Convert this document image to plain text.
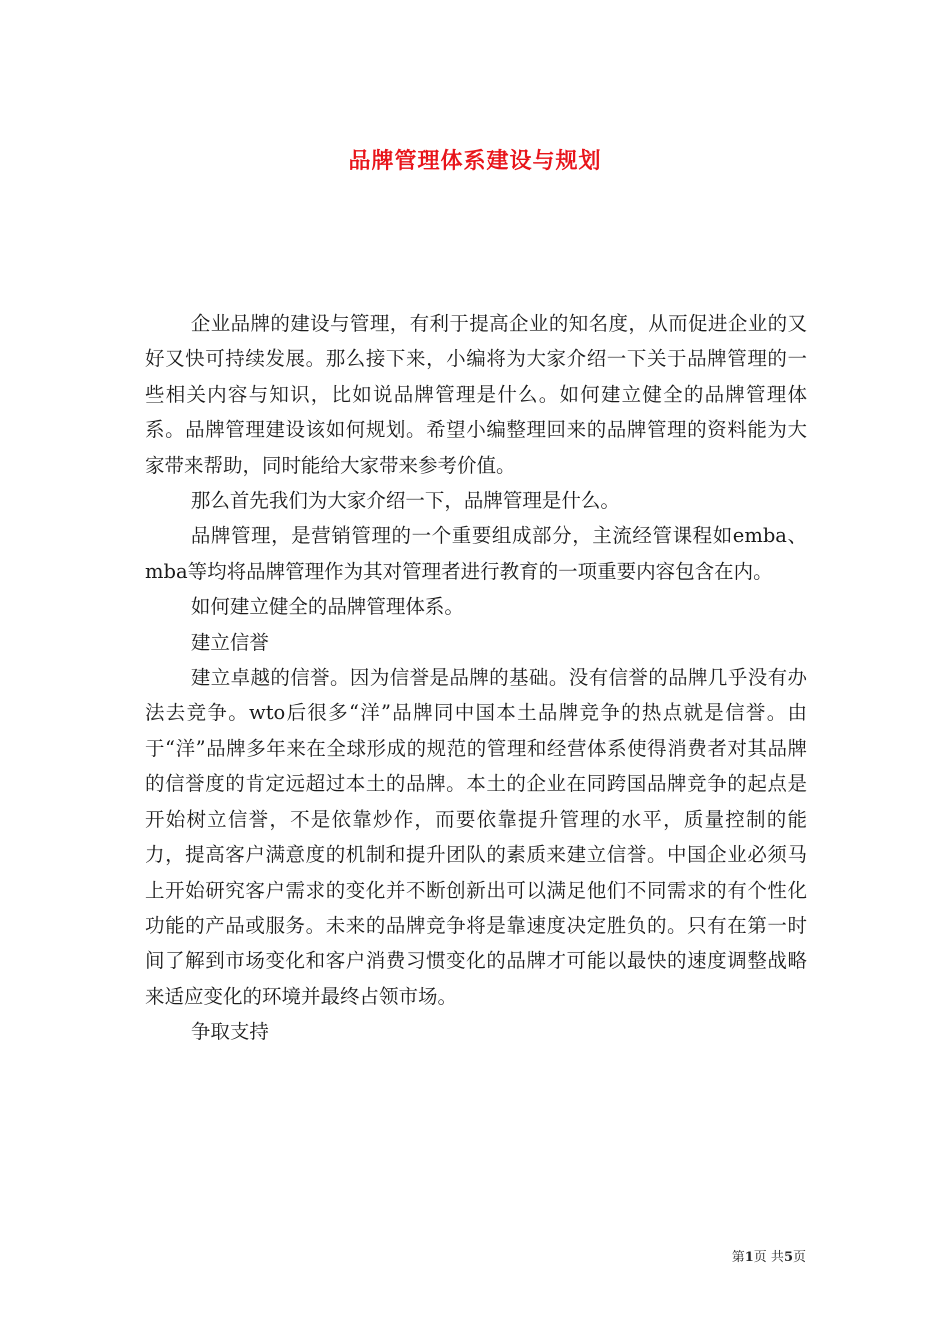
品牌管理体系建设与规划

企业品牌的建设与管理，有利于提高企业的知名度，从而促进企业的又好又快可持续发展。那么接下来，小编将为大家介绍一下关于品牌管理的一些相关内容与知识，比如说品牌管理是什么。如何建立健全的品牌管理体系。品牌管理建设该如何规划。希望小编整理回来的品牌管理的资料能为大家带来帮助，同时能给大家带来参考价值。

那么首先我们为大家介绍一下，品牌管理是什么。

品牌管理，是营销管理的一个重要组成部分，主流经管课程如emba、mba等均将品牌管理作为其对管理者进行教育的一项重要内容包含在内。

如何建立健全的品牌管理体系。

建立信誉

建立卓越的信誉。因为信誉是品牌的基础。没有信誉的品牌几乎没有办法去竞争。wto后很多“洋”品牌同中国本土品牌竞争的热点就是信誉。由于“洋”品牌多年来在全球形成的规范的管理和经营体系使得消费者对其品牌的信誉度的肯定远超过本土的品牌。本土的企业在同跨国品牌竞争的起点是开始树立信誉，不是依靠炒作，而要依靠提升管理的水平，质量控制的能力，提高客户满意度的机制和提升团队的素质来建立信誉。中国企业必须马上开始研究客户需求的变化并不断创新出可以满足他们不同需求的有个性化功能的产品或服务。未来的品牌竞争将是靠速度决定胜负的。只有在第一时间了解到市场变化和客户消费习惯变化的品牌才可能以最快的速度调整战略来适应变化的环境并最终占领市场。

争取支持

第1页 共5页
